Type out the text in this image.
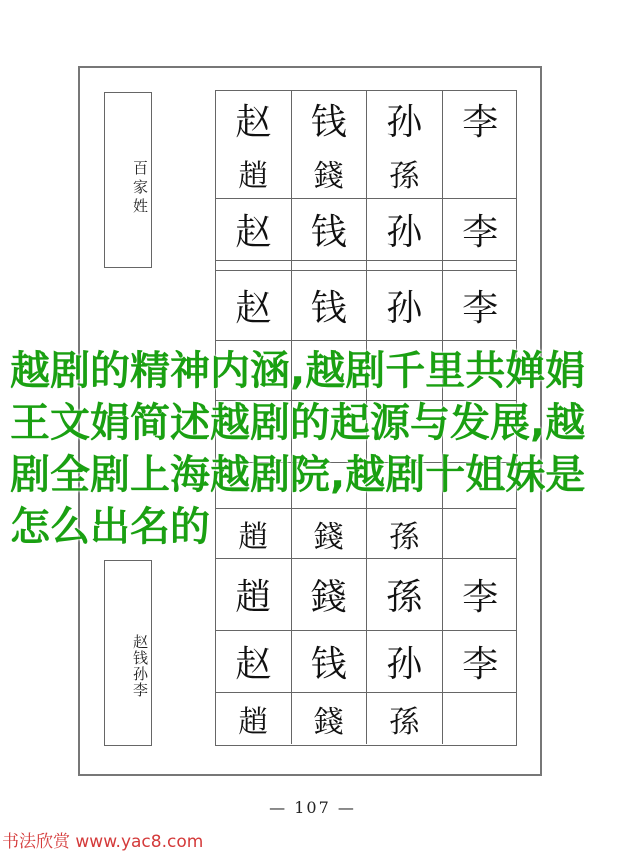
百家姓
赵钱孙李
赵	钱	孙	李
趙	錢	孫
赵	钱	孙	李
赵	钱	孙	李
趙	錢	孫
趙	錢	孫	李
赵	钱	孙	李
趙	錢	孫
越剧的精神内涵,越剧千里共婵娟王文娟简述越剧的起源与发展,越剧全剧上海越剧院,越剧十姐妹是怎么出名的
— 107 —
书法欣赏 www.yac8.com
